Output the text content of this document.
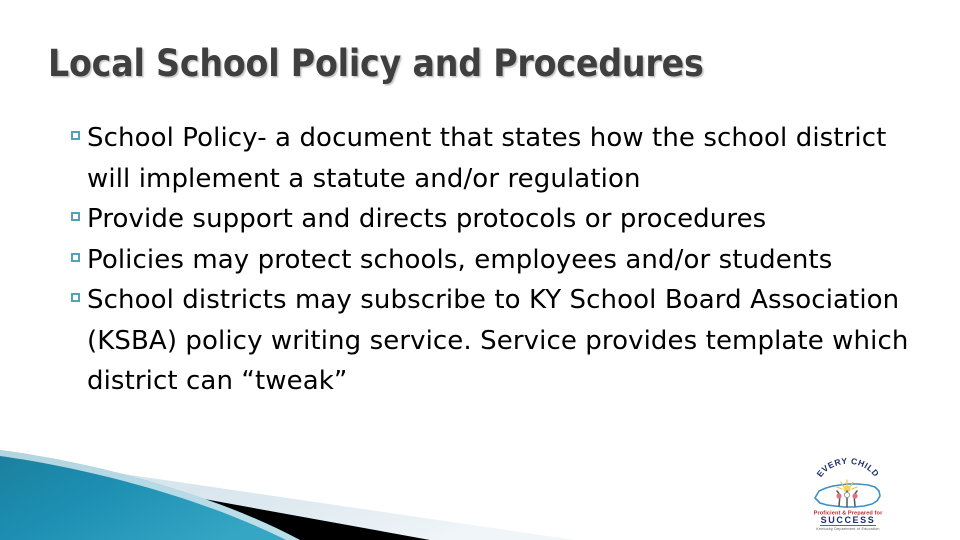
Local School Policy and Procedures

School Policy- a document that states how the school district will implement a statute and/or regulation

Provide support and directs protocols or procedures

Policies may protect schools, employees and/or students

School districts may subscribe to KY School Board Association (KSBA) policy writing service. Service provides template which district can “tweak”

EVERY CHILD
Proficient & Prepared for
SUCCESS
Kentucky Department of Education
